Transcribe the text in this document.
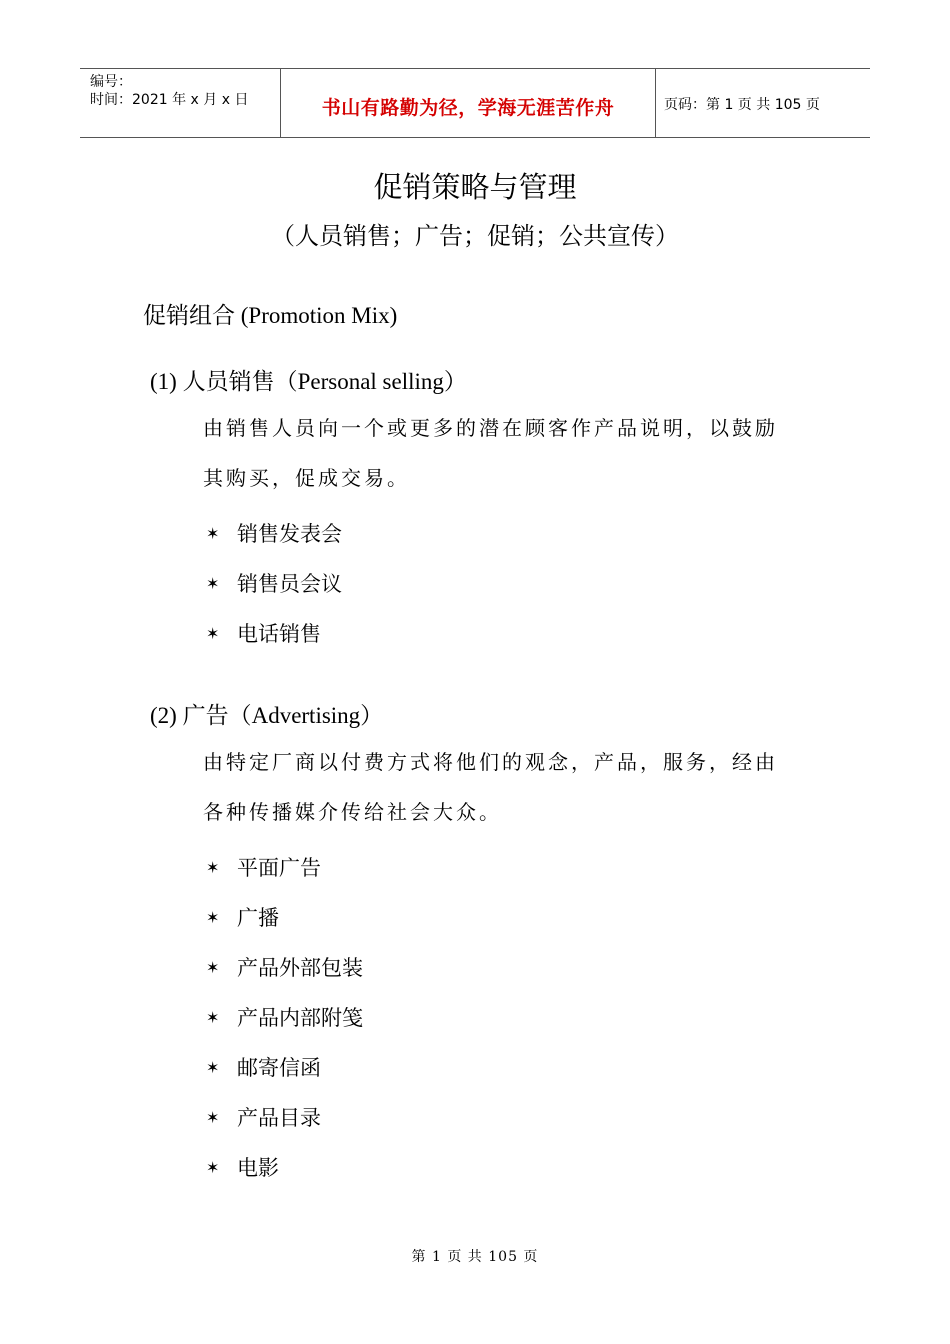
编号：
时间：2021 年 x 月 x 日	书山有路勤为径，学海无涯苦作舟	页码：第 1 页 共 105 页
促销策略与管理
（人员销售；广告；促销；公共宣传）
促销组合 (Promotion Mix)
(1) 人员销售（Personal selling）
由销售人员向一个或更多的潜在顾客作产品说明，以鼓励
其购买，促成交易。
✶ 销售发表会
✶ 销售员会议
✶ 电话销售
(2) 广告（Advertising）
由特定厂商以付费方式将他们的观念，产品，服务，经由
各种传播媒介传给社会大众。
✶ 平面广告
✶ 广播
✶ 产品外部包装
✶ 产品内部附笺
✶ 邮寄信函
✶ 产品目录
✶ 电影
第 1 页 共 105 页
